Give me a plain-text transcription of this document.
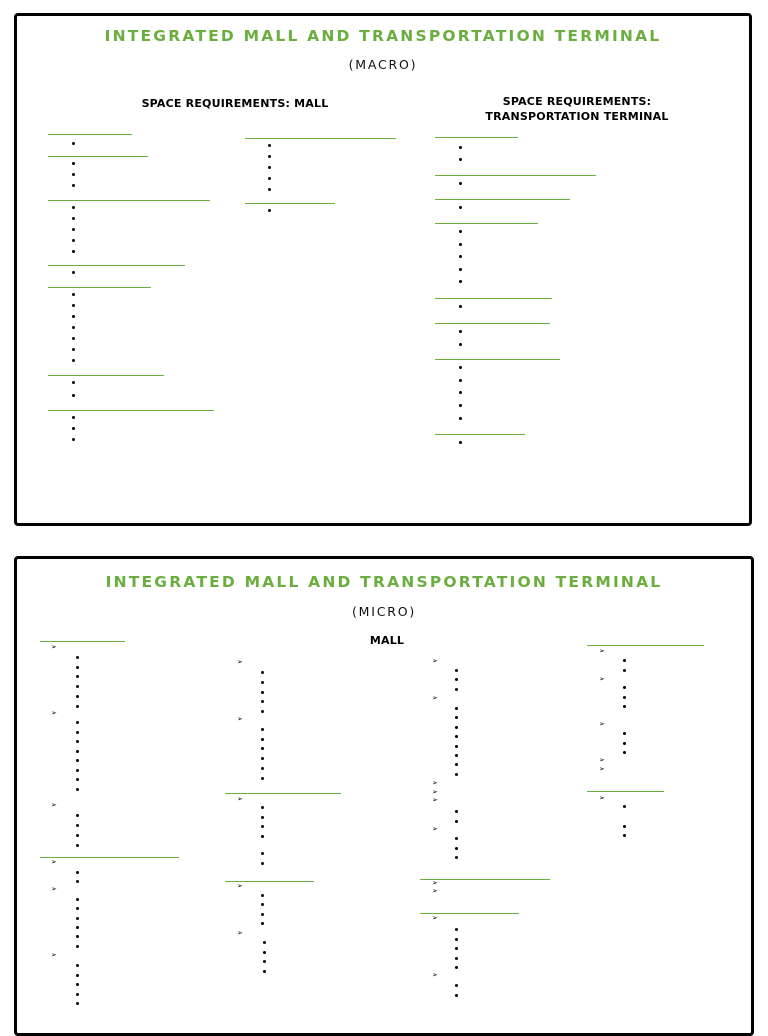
INTEGRATED MALL AND TRANSPORTATION TERMINAL
(MACRO)
SPACE REQUIREMENTS: MALL	SPACE REQUIREMENTS:
TRANSPORTATION TERMINAL
INTEGRATED MALL AND TRANSPORTATION TERMINAL
(MICRO)
MALL
➢
➢
➢
➢
➢
➢
➢
➢
➢
➢
➢
➢
➢
➢
➢
➢
➢
➢
➢
➢
➢
➢
➢
➢
➢
➢
➢
